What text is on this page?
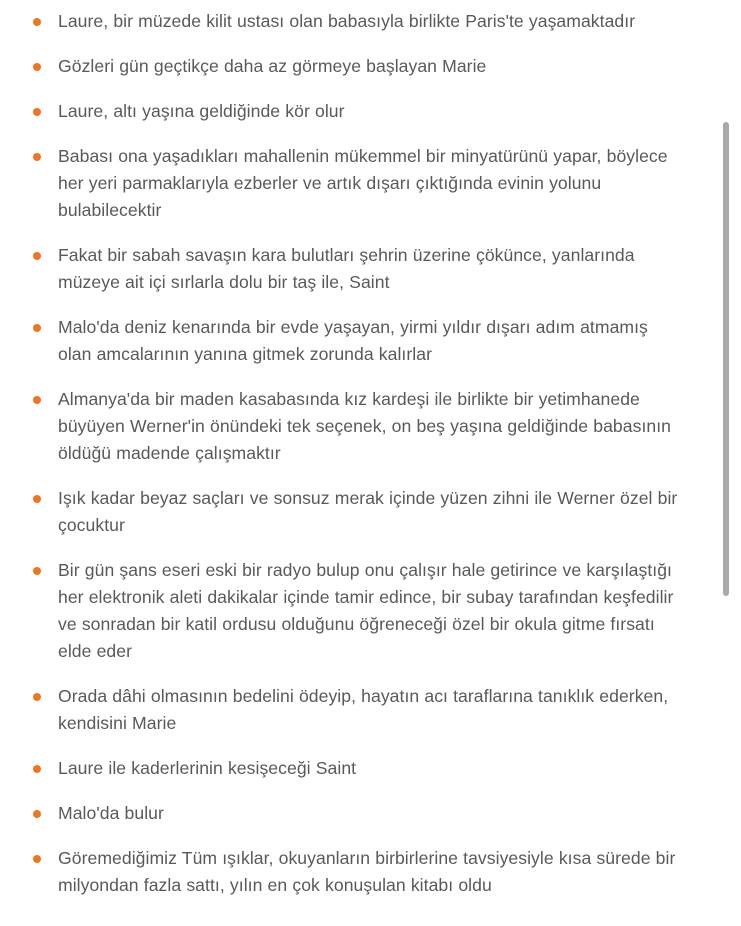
Laure, bir müzede kilit ustası olan babasıyla birlikte Paris'te yaşamaktadır
Gözleri gün geçtikçe daha az görmeye başlayan Marie
Laure, altı yaşına geldiğinde kör olur
Babası ona yaşadıkları mahallenin mükemmel bir minyatürünü yapar, böylece her yeri parmaklarıyla ezberler ve artık dışarı çıktığında evinin yolunu bulabilecektir
Fakat bir sabah savaşın kara bulutları şehrin üzerine çökünce, yanlarında müzeye ait içi sırlarla dolu bir taş ile, Saint
Malo'da deniz kenarında bir evde yaşayan, yirmi yıldır dışarı adım atmamış olan amcalarının yanına gitmek zorunda kalırlar
Almanya'da bir maden kasabasında kız kardeşi ile birlikte bir yetimhanede büyüyen Werner'in önündeki tek seçenek, on beş yaşına geldiğinde babasının öldüğü madende çalışmaktır
Işık kadar beyaz saçları ve sonsuz merak içinde yüzen zihni ile Werner özel bir çocuktur
Bir gün şans eseri eski bir radyo bulup onu çalışır hale getirince ve karşılaştığı her elektronik aleti dakikalar içinde tamir edince, bir subay tarafından keşfedilir ve sonradan bir katil ordusu olduğunu öğreneceği özel bir okula gitme fırsatı elde eder
Orada dâhi olmasının bedelini ödeyip, hayatın acı taraflarına tanıklık ederken, kendisini Marie
Laure ile kaderlerinin kesişeceği Saint
Malo'da bulur
Göremediğimiz Tüm ışıklar, okuyanların birbirlerine tavsiyesiyle kısa sürede bir milyondan fazla sattı, yılın en çok konuşulan kitabı oldu
